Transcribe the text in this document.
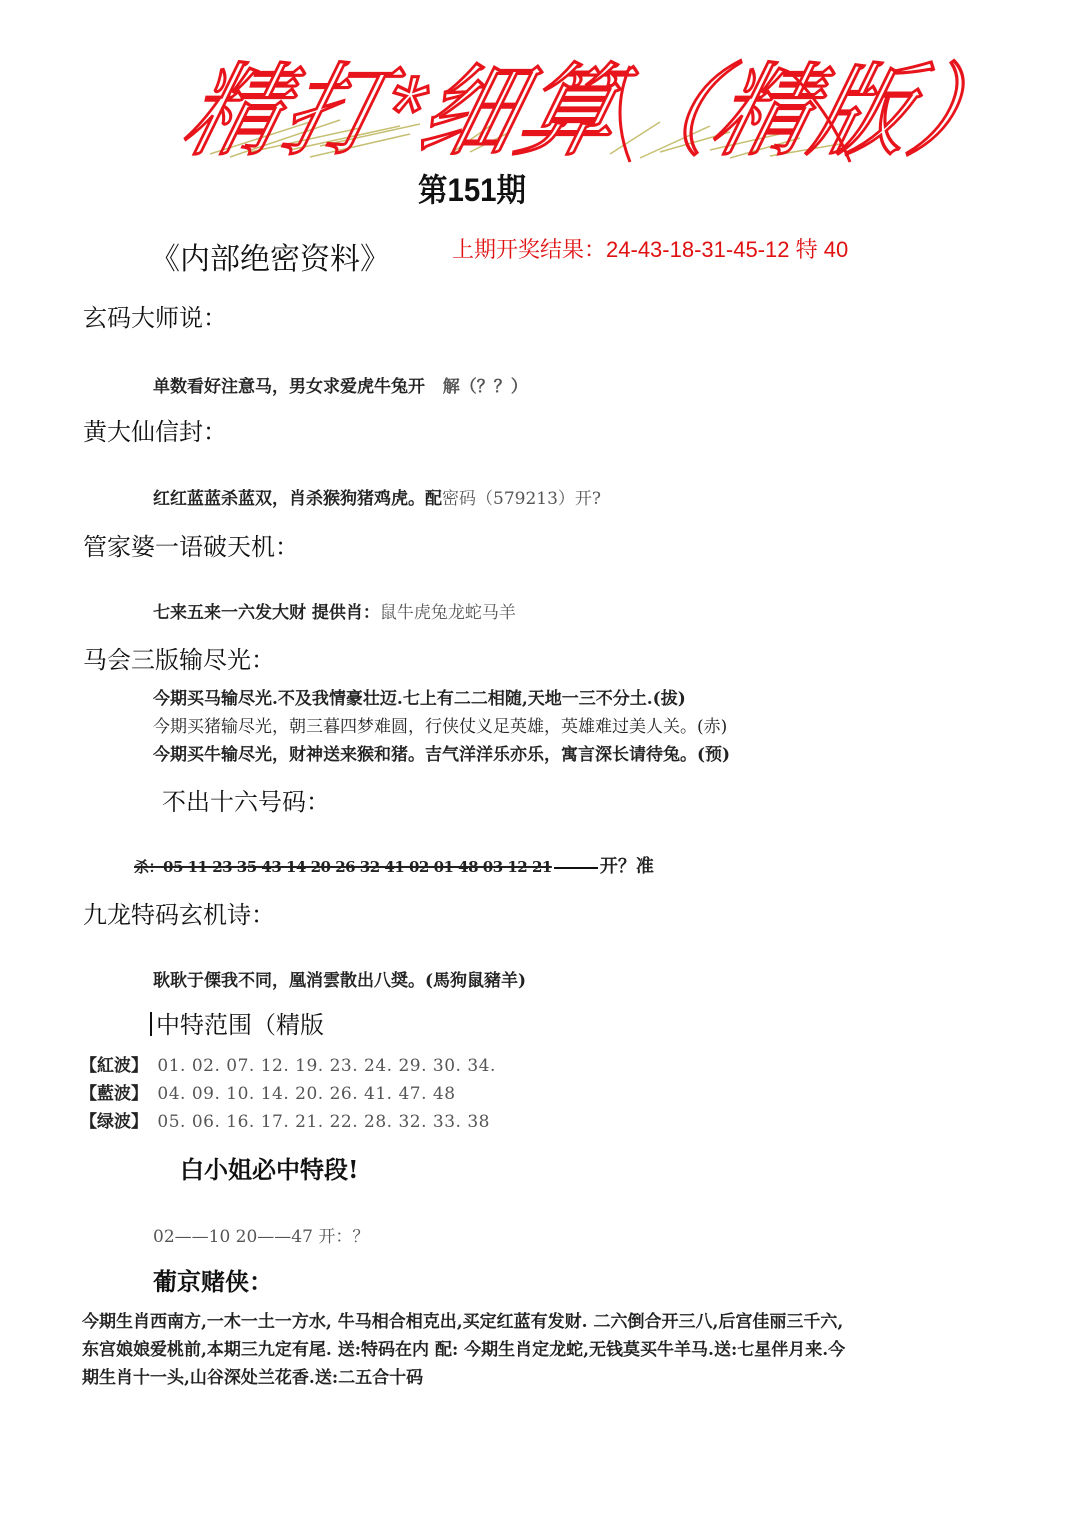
精打*细算（精版）
第151期
《内部绝密资料》	上期开奖结果：24-43-18-31-45-12 特 40
玄码大师说：
单数看好注意马，男女求爱虎牛兔开 解（？？）
黄大仙信封：
红红蓝蓝杀蓝双，肖杀猴狗猪鸡虎。配密码（579213）开?
管家婆一语破天机：
七来五来一六发大财 提供肖：鼠牛虎兔龙蛇马羊
马会三版输尽光：
今期买马输尽光.不及我情豪壮迈.七上有二二相随,天地一三不分土.(拔)
今期买猪输尽光，朝三暮四梦难圆，行侠仗义足英雄，英雄难过美人关。(赤)
今期买牛输尽光，财神送来猴和猪。吉气洋洋乐亦乐，寓言深长请待兔。(预)
不出十六号码：
杀：05 11 23 35 43 14 20 26 32 41 02 01 48 03 12 21	开？准
九龙特码玄机诗：
耿耿于傈我不同，凰消雲散出八奨。(馬狗鼠豬羊)
中特范围（精版
【紅波】 01. 02. 07. 12. 19. 23. 24. 29. 30. 34.
【藍波】 04. 09. 10. 14. 20. 26. 41. 47. 48
【绿波】 05. 06. 16. 17. 21. 22. 28. 32. 33. 38
白小姐必中特段!
02——10 20——47 开：？
葡京赌侠：
今期生肖西南方,一木一土一方水, 牛马相合相克出,买定红蓝有发财. 二六倒合开三八,后宫佳丽三千六,
东宫娘娘爱桃前,本期三九定有尾. 送:特码在内 配: 今期生肖定龙蛇,无钱莫买牛羊马.送:七星伴月来.今
期生肖十一头,山谷深处兰花香.送:二五合十码
